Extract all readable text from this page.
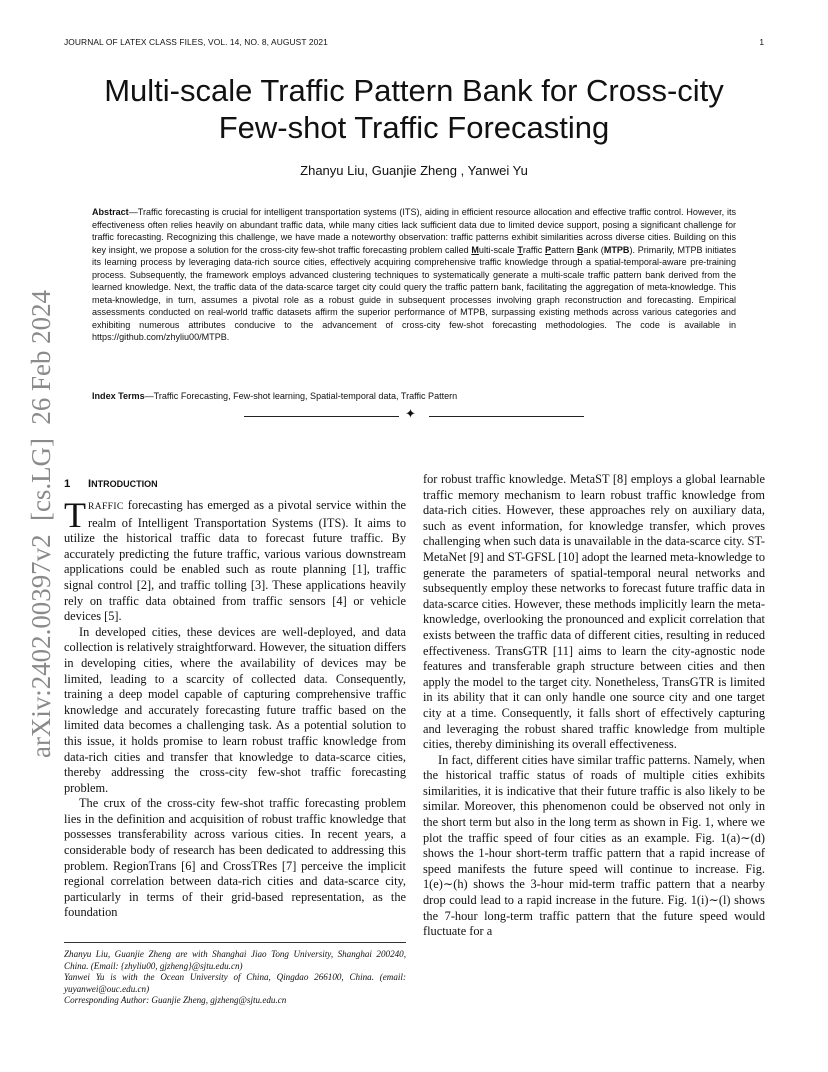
JOURNAL OF LATEX CLASS FILES, VOL. 14, NO. 8, AUGUST 2021	1
arXiv:2402.00397v2  [cs.LG]  26 Feb 2024
Multi-scale Traffic Pattern Bank for Cross-city
Few-shot Traffic Forecasting
Zhanyu Liu, Guanjie Zheng , Yanwei Yu

Abstract—Traffic forecasting is crucial for intelligent transportation systems (ITS), aiding in efficient resource allocation and effective traffic control. However, its effectiveness often relies heavily on abundant traffic data, while many cities lack sufficient data due to limited device support, posing a significant challenge for traffic forecasting. Recognizing this challenge, we have made a noteworthy observation: traffic patterns exhibit similarities across diverse cities. Building on this key insight, we propose a solution for the cross-city few-shot traffic forecasting problem called Multi-scale Traffic Pattern Bank (MTPB). Primarily, MTPB initiates its learning process by leveraging data-rich source cities, effectively acquiring comprehensive traffic knowledge through a spatial-temporal-aware pre-training process. Subsequently, the framework employs advanced clustering techniques to systematically generate a multi-scale traffic pattern bank derived from the learned knowledge. Next, the traffic data of the data-scarce target city could query the traffic pattern bank, facilitating the aggregation of meta-knowledge. This meta-knowledge, in turn, assumes a pivotal role as a robust guide in subsequent processes involving graph reconstruction and forecasting. Empirical assessments conducted on real-world traffic datasets affirm the superior performance of MTPB, surpassing existing methods across various categories and exhibiting numerous attributes conducive to the advancement of cross-city few-shot forecasting methodologies. The code is available in https://github.com/zhyliu00/MTPB.

Index Terms—Traffic Forecasting, Few-shot learning, Spatial-temporal data, Traffic Pattern
✦
1 INTRODUCTION

TRAFFIC forecasting has emerged as a pivotal service within the realm of Intelligent Transportation Systems (ITS). It aims to utilize the historical traffic data to forecast future traffic. By accurately predicting the future traffic, various various downstream applications could be enabled such as route planning [1], traffic signal control [2], and traffic tolling [3]. These applications heavily rely on traffic data obtained from traffic sensors [4] or vehicle devices [5].

In developed cities, these devices are well-deployed, and data collection is relatively straightforward. However, the situation differs in developing cities, where the availability of devices may be limited, leading to a scarcity of collected data. Consequently, training a deep model capable of capturing comprehensive traffic knowledge and accurately forecasting future traffic based on the limited data becomes a challenging task. As a potential solution to this issue, it holds promise to learn robust traffic knowledge from data-rich cities and transfer that knowledge to data-scarce cities, thereby addressing the cross-city few-shot traffic forecasting problem.

The crux of the cross-city few-shot traffic forecasting problem lies in the definition and acquisition of robust traffic knowledge that possesses transferability across various cities. In recent years, a considerable body of research has been dedicated to addressing this problem. RegionTrans [6] and CrossTRes [7] perceive the implicit regional correlation between data-rich cities and data-scarce city, particularly in terms of their grid-based representation, as the foundation

for robust traffic knowledge. MetaST [8] employs a global learnable traffic memory mechanism to learn robust traffic knowledge from data-rich cities. However, these approaches rely on auxiliary data, such as event information, for knowledge transfer, which proves challenging when such data is unavailable in the data-scarce city. ST-MetaNet [9] and ST-GFSL [10] adopt the learned meta-knowledge to generate the parameters of spatial-temporal neural networks and subsequently employ these networks to forecast future traffic data in data-scarce cities. However, these methods implicitly learn the meta-knowledge, overlooking the pronounced and explicit correlation that exists between the traffic data of different cities, resulting in reduced effectiveness. TransGTR [11] aims to learn the city-agnostic node features and transferable graph structure between cities and then apply the model to the target city. Nonetheless, TransGTR is limited in its ability that it can only handle one source city and one target city at a time. Consequently, it falls short of effectively capturing and leveraging the robust shared traffic knowledge from multiple cities, thereby diminishing its overall effectiveness.

In fact, different cities have similar traffic patterns. Namely, when the historical traffic status of roads of multiple cities exhibits similarities, it is indicative that their future traffic is also likely to be similar. Moreover, this phenomenon could be observed not only in the short term but also in the long term as shown in Fig. 1, where we plot the traffic speed of four cities as an example. Fig. 1(a)∼(d) shows the 1-hour short-term traffic pattern that a rapid increase of speed manifests the future speed will continue to increase. Fig. 1(e)∼(h) shows the 3-hour mid-term traffic pattern that a nearby drop could lead to a rapid increase in the future. Fig. 1(i)∼(l) shows the 7-hour long-term traffic pattern that the future speed would fluctuate for a

Zhanyu Liu, Guanjie Zheng are with Shanghai Jiao Tong University, Shanghai 200240, China. (Email: {zhyliu00, gjzheng}@sjtu.edu.cn)

Yanwei Yu is with the Ocean University of China, Qingdao 266100, China. (email: yuyanwei@ouc.edu.cn)

Corresponding Author: Guanjie Zheng, gjzheng@sjtu.edu.cn
